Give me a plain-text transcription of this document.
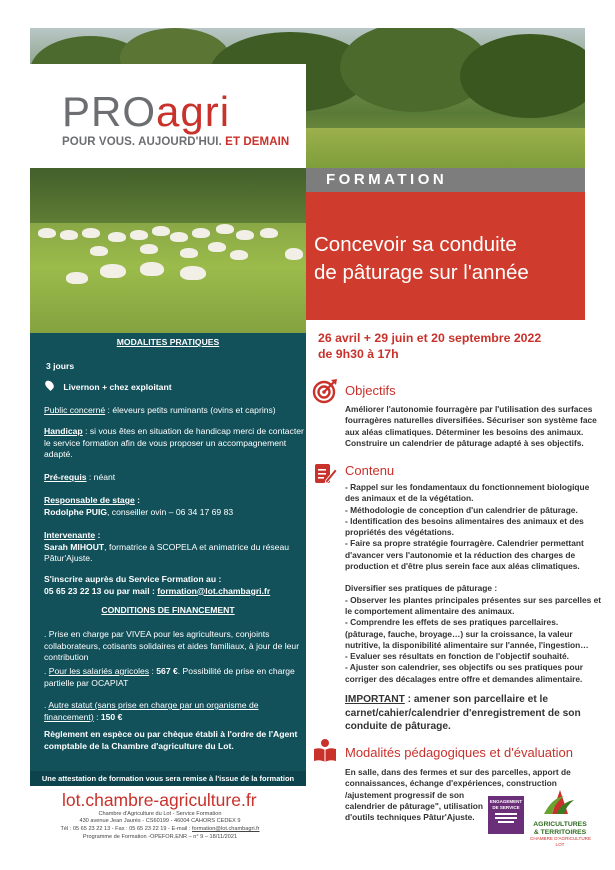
PROagri
POUR VOUS. AUJOURD'HUI. ET DEMAIN
FORMATION
Concevoir sa conduite
de pâturage sur l'année
26 avril + 29 juin et 20 septembre 2022
de 9h30 à 17h
MODALITES PRATIQUES
3 jours
Livernon + chez exploitant
Public concerné : éleveurs petits ruminants (ovins et caprins)
Handicap : si vous êtes en situation de handicap merci de contacter
le service formation afin de vous proposer un accompagnement
adapté.
Pré-requis : néant
Responsable de stage :
Rodolphe PUIG, conseiller ovin – 06 34 17 69 83
Intervenante :
Sarah MIHOUT, formatrice à SCOPELA et animatrice du réseau
Pâtur'Ajuste.
S'inscrire auprès du Service Formation au :
05 65 23 22 13 ou par mail : formation@lot.chambagri.fr
CONDITIONS DE FINANCEMENT
. Prise en charge par VIVEA pour les agriculteurs, conjoints
collaborateurs, cotisants solidaires et aides familiaux, à jour de leur
contribution
. Pour les salariés agricoles : 567 €. Possibilité de prise en charge
partielle par OCAPIAT
. Autre statut (sans prise en charge par un organisme de
financement) : 150 €
Règlement en espèce ou par chèque établi à l'ordre de l'Agent
comptable de la Chambre d'agriculture du Lot.
Une attestation de formation vous sera remise à l'issue de la formation
lot.chambre-agriculture.fr
Chambre d'Agriculture du Lot - Service Formation
430 avenue Jean Jaurès - CS60199 - 46004 CAHORS CEDEX 9
Tél : 05 65 23 22 13 - Fax : 05 65 23 22 19 - E-mail : formation@lot.chambagri.fr
Programme de Formation -OPEFOR.ENR – n° 9 – 18/11/2021
Objectifs
Améliorer l'autonomie fourragère par l'utilisation des surfaces
fourragères naturelles diversifiées. Sécuriser son système face
aux aléas climatiques. Déterminer les besoins des animaux.
Construire un calendrier de pâturage adapté à ses objectifs.
Contenu
- Rappel sur les fondamentaux du fonctionnement biologique
des animaux et de la végétation.
- Méthodologie de conception d'un calendrier de pâturage.
- Identification des besoins alimentaires des animaux et des
propriétés des végétations.
- Faire sa propre stratégie fourragère. Calendrier permettant
d'avancer vers l'autonomie et la réduction des charges de
production et d'être plus serein face aux aléas climatiques.
Diversifier ses pratiques de pâturage :
- Observer les plantes principales présentes sur ses parcelles et
le comportement alimentaire des animaux.
- Comprendre les effets de ses pratiques parcellaires.
(pâturage, fauche, broyage…) sur la croissance, la valeur
nutritive, la disponibilité alimentaire sur l'année, l'ingestion…
- Evaluer ses résultats en fonction de l'objectif souhaité.
- Ajuster son calendrier, ses objectifs ou ses pratiques pour
corriger des décalages entre offre et demandes alimentaire.
IMPORTANT : amener son parcellaire et le
carnet/cahier/calendrier d'enregistrement de son
conduite de pâturage.
Modalités pédagogiques et d'évaluation
En salle, dans des fermes et sur des parcelles, apport de
connaissances, échange d'expériences, construction
/ajustement progressif de son
calendrier de pâturage", utilisation
d'outils techniques Pâtur'Ajuste.
ENGAGEMENT
DE SERVICE
AGRICULTURES
& TERRITOIRES
CHAMBRE D'AGRICULTURE
LOT
